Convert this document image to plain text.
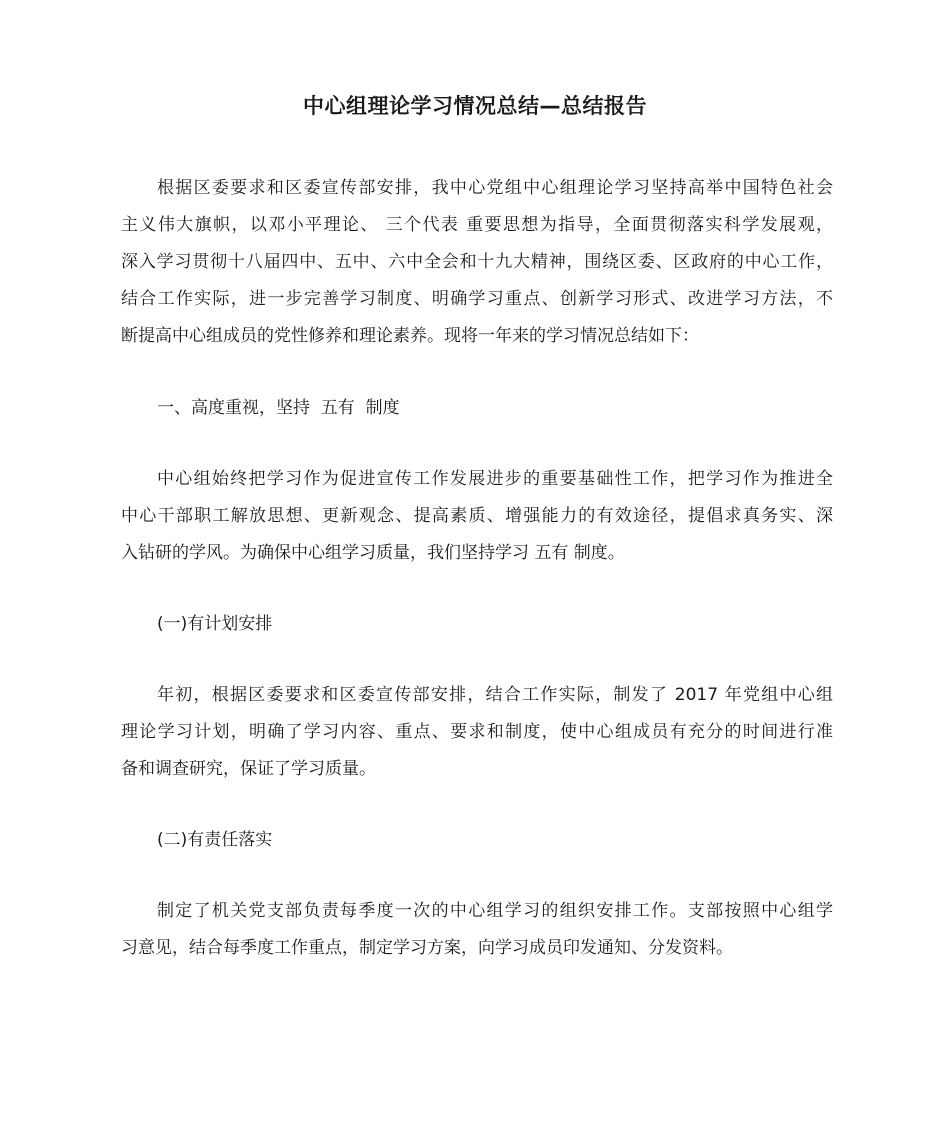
中心组理论学习情况总结—总结报告
根据区委要求和区委宣传部安排，我中心党组中心组理论学习坚持高举中国特色社会
主义伟大旗帜，以邓小平理论、 三个代表 重要思想为指导，全面贯彻落实科学发展观，
深入学习贯彻十八届四中、五中、六中全会和十九大精神，围绕区委、区政府的中心工作，
结合工作实际，进一步完善学习制度、明确学习重点、创新学习形式、改进学习方法，不
断提高中心组成员的党性修养和理论素养。现将一年来的学习情况总结如下：
一、高度重视，坚持  五有  制度
中心组始终把学习作为促进宣传工作发展进步的重要基础性工作，把学习作为推进全
中心干部职工解放思想、更新观念、提高素质、增强能力的有效途径，提倡求真务实、深
入钻研的学风。为确保中心组学习质量，我们坚持学习 五有 制度。
(一)有计划安排
年初，根据区委要求和区委宣传部安排，结合工作实际，制发了 2017 年党组中心组
理论学习计划，明确了学习内容、重点、要求和制度，使中心组成员有充分的时间进行准
备和调查研究，保证了学习质量。
(二)有责任落实
制定了机关党支部负责每季度一次的中心组学习的组织安排工作。支部按照中心组学
习意见，结合每季度工作重点，制定学习方案，向学习成员印发通知、分发资料。
